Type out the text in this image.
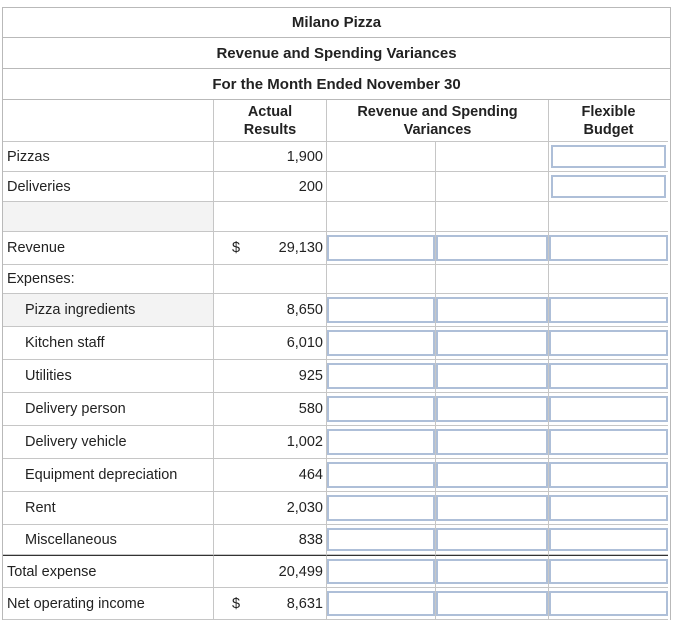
Milano Pizza
Revenue and Spending Variances
For the Month Ended November 30
Actual
Results
Revenue and Spending
Variances
Flexible
Budget
Pizzas	1,900
Deliveries	200
Revenue	$	29,130
Expenses:
Pizza ingredients	8,650
Kitchen staff	6,010
Utilities	925
Delivery person	580
Delivery vehicle	1,002
Equipment depreciation	464
Rent	2,030
Miscellaneous	838
Total expense	20,499
Net operating income	$	8,631
